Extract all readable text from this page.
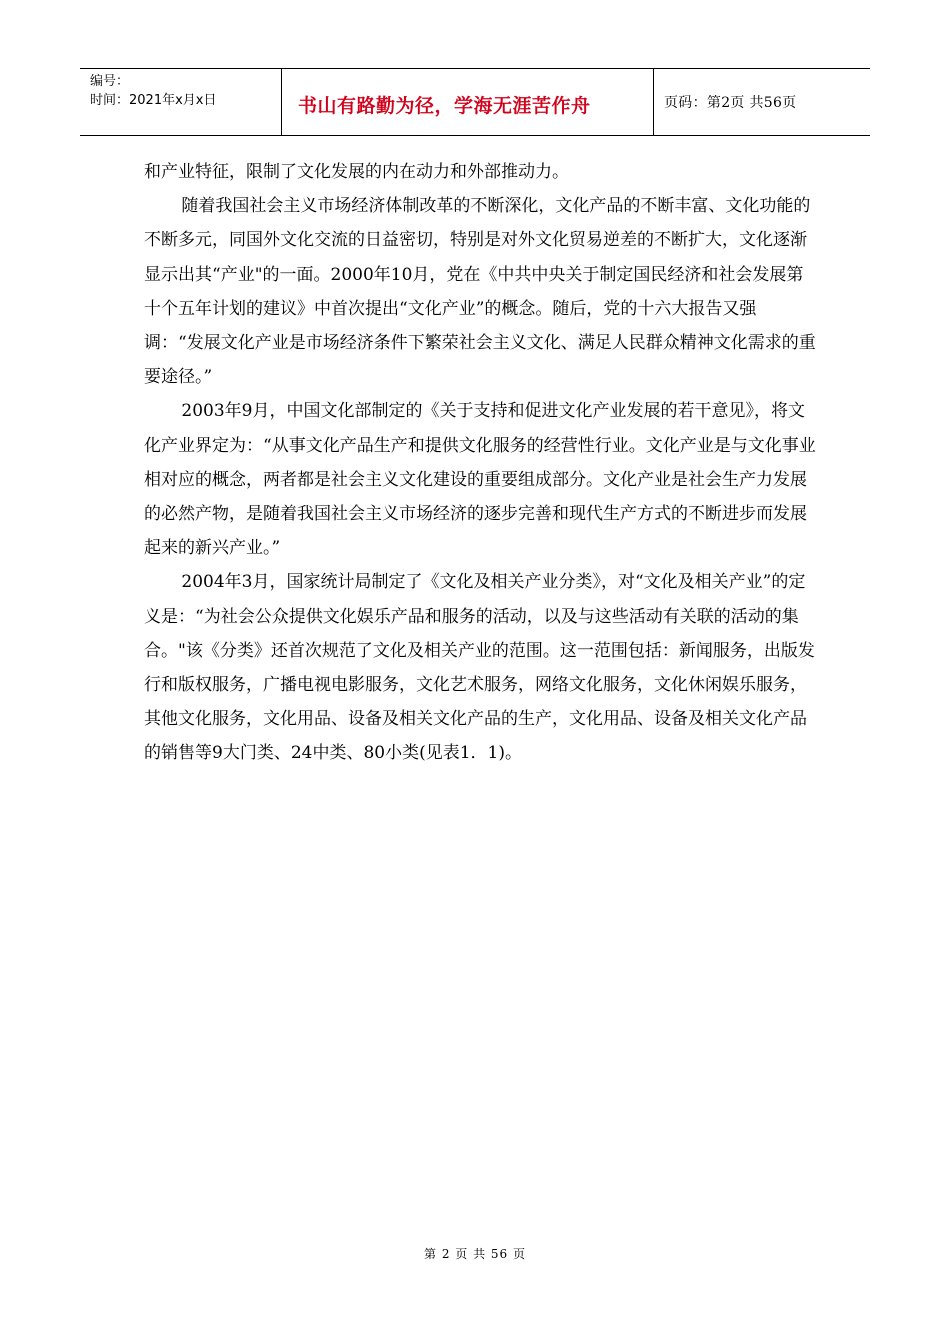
编号：
时间：2021年x月x日	书山有路勤为径，学海无涯苦作舟	页码：第2页 共56页

和产业特征，限制了文化发展的内在动力和外部推动力。

随着我国社会主义市场经济体制改革的不断深化，文化产品的不断丰富、文化功能的不断多元，同国外文化交流的日益密切，特别是对外文化贸易逆差的不断扩大，文化逐渐显示出其“产业"的一面。2000年10月，党在《中共中央关于制定国民经济和社会发展第十个五年计划的建议》中首次提出“文化产业”的概念。随后，党的十六大报告又强调：“发展文化产业是市场经济条件下繁荣社会主义文化、满足人民群众精神文化需求的重要途径。”

2003年9月，中国文化部制定的《关于支持和促进文化产业发展的若干意见》，将文化产业界定为：“从事文化产品生产和提供文化服务的经营性行业。文化产业是与文化事业相对应的概念，两者都是社会主义文化建设的重要组成部分。文化产业是社会生产力发展的必然产物，是随着我国社会主义市场经济的逐步完善和现代生产方式的不断进步而发展起来的新兴产业。”

2004年3月，国家统计局制定了《文化及相关产业分类》，对“文化及相关产业”的定义是：“为社会公众提供文化娱乐产品和服务的活动，以及与这些活动有关联的活动的集合。"该《分类》还首次规范了文化及相关产业的范围。这一范围包括：新闻服务，出版发行和版权服务，广播电视电影服务，文化艺术服务，网络文化服务，文化休闲娱乐服务，其他文化服务，文化用品、设备及相关文化产品的生产，文化用品、设备及相关文化产品的销售等9大门类、24中类、80小类(见表1．1)。

第 2 页 共 56 页
